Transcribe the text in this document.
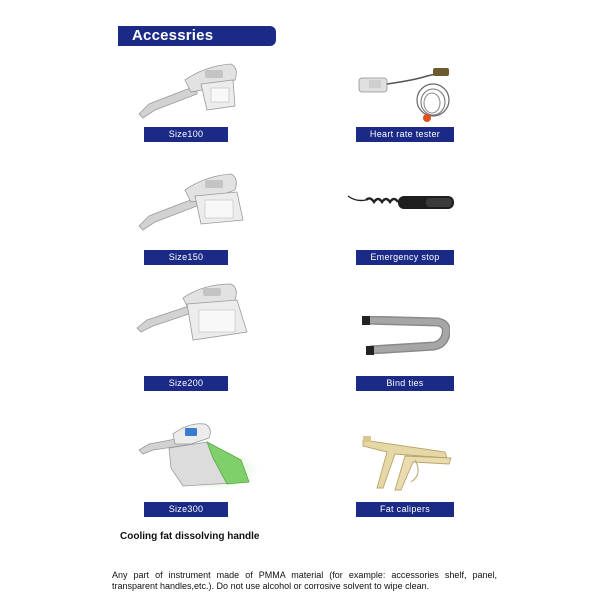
Accessries
Size100	Heart rate tester
Size150	Emergency stop switch
Size200	Bind ties
Size300	Fat calipers
Cooling fat dissolving handle
Any part of instrument made of PMMA material (for example: accessories shelf, panel, transparent handles,etc.). Do not use alcohol or corrosive solvent to wipe clean.
